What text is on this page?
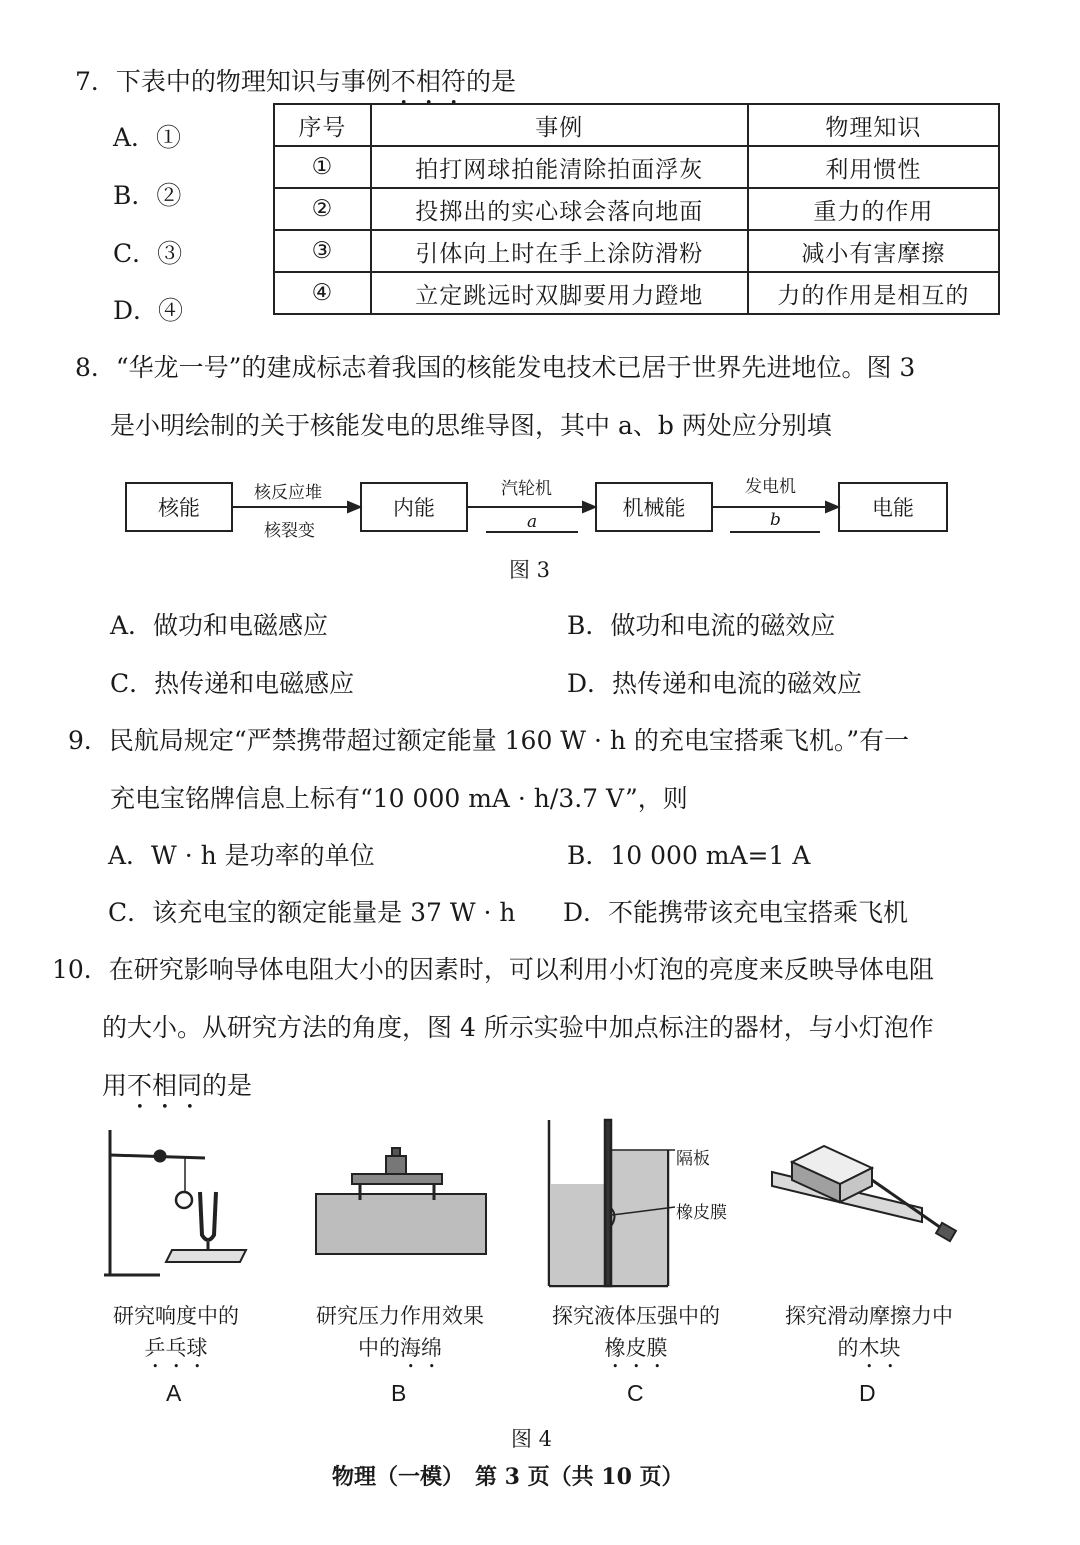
7．下表中的物理知识与事例不相符的是
A．①
B．②
C．③
D．④
序号	事例	物理知识
①	拍打网球拍能清除拍面浮灰	利用惯性
②	投掷出的实心球会落向地面	重力的作用
③	引体向上时在手上涂防滑粉	减小有害摩擦
④	立定跳远时双脚要用力蹬地	力的作用是相互的
8．“华龙一号”的建成标志着我国的核能发电技术已居于世界先进地位。图 3
是小明绘制的关于核能发电的思维导图，其中 a、b 两处应分别填
核能	内能	机械能	电能
核反应堆
核裂变
汽轮机
a
发电机
b
图 3
A．做功和电磁感应	B．做功和电流的磁效应
C．热传递和电磁感应	D．热传递和电流的磁效应
9．民航局规定“严禁携带超过额定能量 160 W · h 的充电宝搭乘飞机。”有一
充电宝铭牌信息上标有“10 000 mA · h/3.7 V”，则
A．W · h 是功率的单位	B．10 000 mA=1 A
C．该充电宝的额定能量是 37 W · h D．不能携带该充电宝搭乘飞机
10．在研究影响导体电阻大小的因素时，可以利用小灯泡的亮度来反映导体电阻
的大小。从研究方法的角度，图 4 所示实验中加点标注的器材，与小灯泡作
用不相同的是
隔板
橡皮膜
研究响度中的
乒乓球
A
研究压力作用效果
中的海绵
B
探究液体压强中的
橡皮膜
C
探究滑动摩擦力中
的木块
D
图 4
物理（一模）　第 3 页（共 10 页）
